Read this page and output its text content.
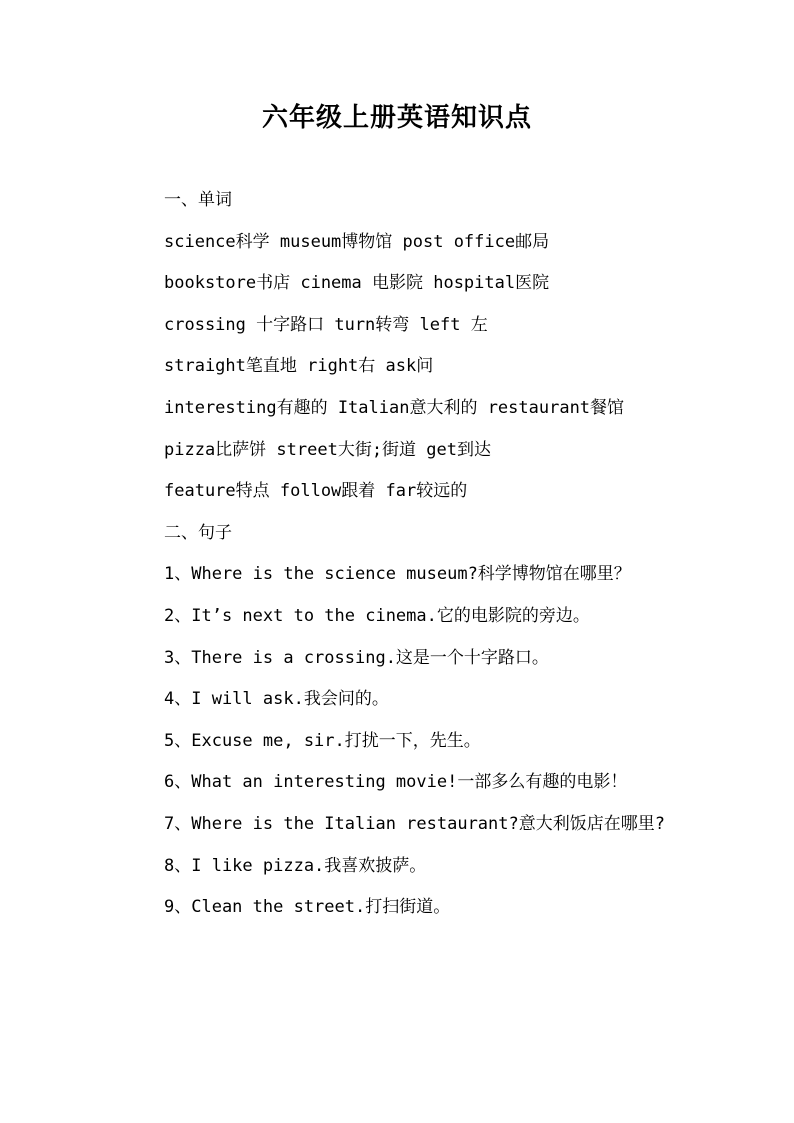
六年级上册英语知识点

一、单词

science科学 museum博物馆 post office邮局

bookstore书店 cinema 电影院 hospital医院

crossing 十字路口 turn转弯 left 左

straight笔直地 right右 ask问

interesting有趣的 Italian意大利的 restaurant餐馆

pizza比萨饼 street大街;街道 get到达

feature特点 follow跟着 far较远的

二、句子

1、Where is the science museum?科学博物馆在哪里？

2、It’s next to the cinema.它的电影院的旁边。

3、There is a crossing.这是一个十字路口。

4、I will ask.我会问的。

5、Excuse me, sir.打扰一下，先生。

6、What an interesting movie!一部多么有趣的电影！

7、Where is the Italian restaurant?意大利饭店在哪里?

8、I like pizza.我喜欢披萨。

9、Clean the street.打扫街道。
